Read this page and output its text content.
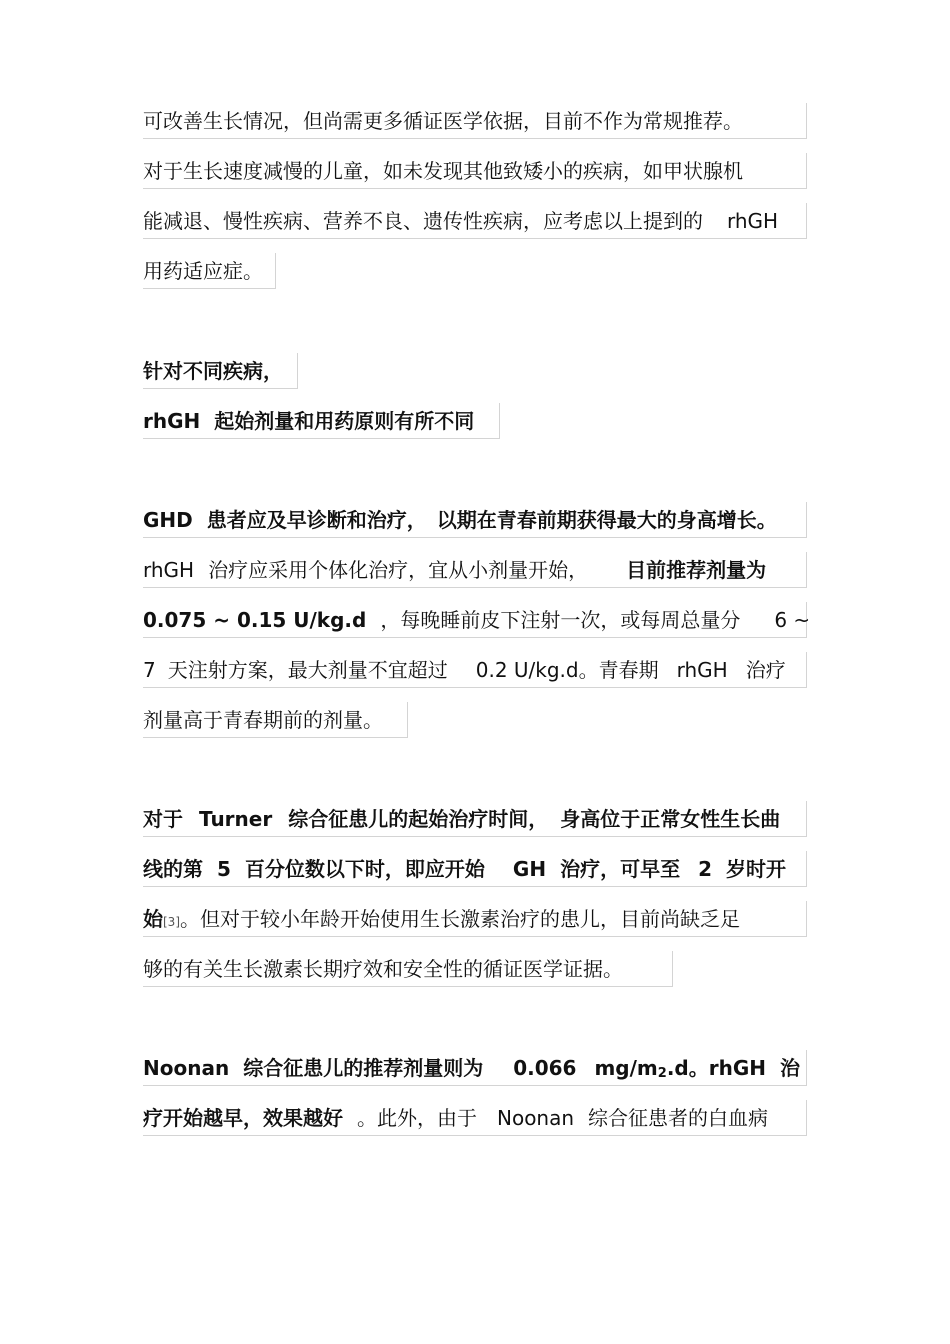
可改善生长情况，但尚需更多循证医学依据，目前不作为常规推荐。
对于生长速度减慢的儿童，如未发现其他致矮小的疾病，如甲状腺机
能减退、慢性疾病、营养不良、遗传性疾病，应考虑以上提到的 rhGH
用药适应症。
针对不同疾病，
rhGH 起始剂量和用药原则有所不同
GHD 患者应及早诊断和治疗， 以期在青春前期获得最大的身高增长。
rhGH 治疗应采用个体化治疗，宜从小剂量开始， 目前推荐剂量为
0.075 ~ 0.15 U/kg.d ，每晚睡前皮下注射一次，或每周总量分 6 ~
7 天注射方案，最大剂量不宜超过 0.2 U/kg.d。青春期 rhGH 治疗
剂量高于青春期前的剂量。
对于 Turner 综合征患儿的起始治疗时间， 身高位于正常女性生长曲
线的第 5 百分位数以下时，即应开始 GH 治疗，可早至 2 岁时开
始[3]。但对于较小年龄开始使用生长激素治疗的患儿，目前尚缺乏足
够的有关生长激素长期疗效和安全性的循证医学证据。
Noonan 综合征患儿的推荐剂量则为 0.066 mg/m2.d。rhGH 治
疗开始越早，效果越好 。此外，由于 Noonan 综合征患者的白血病
